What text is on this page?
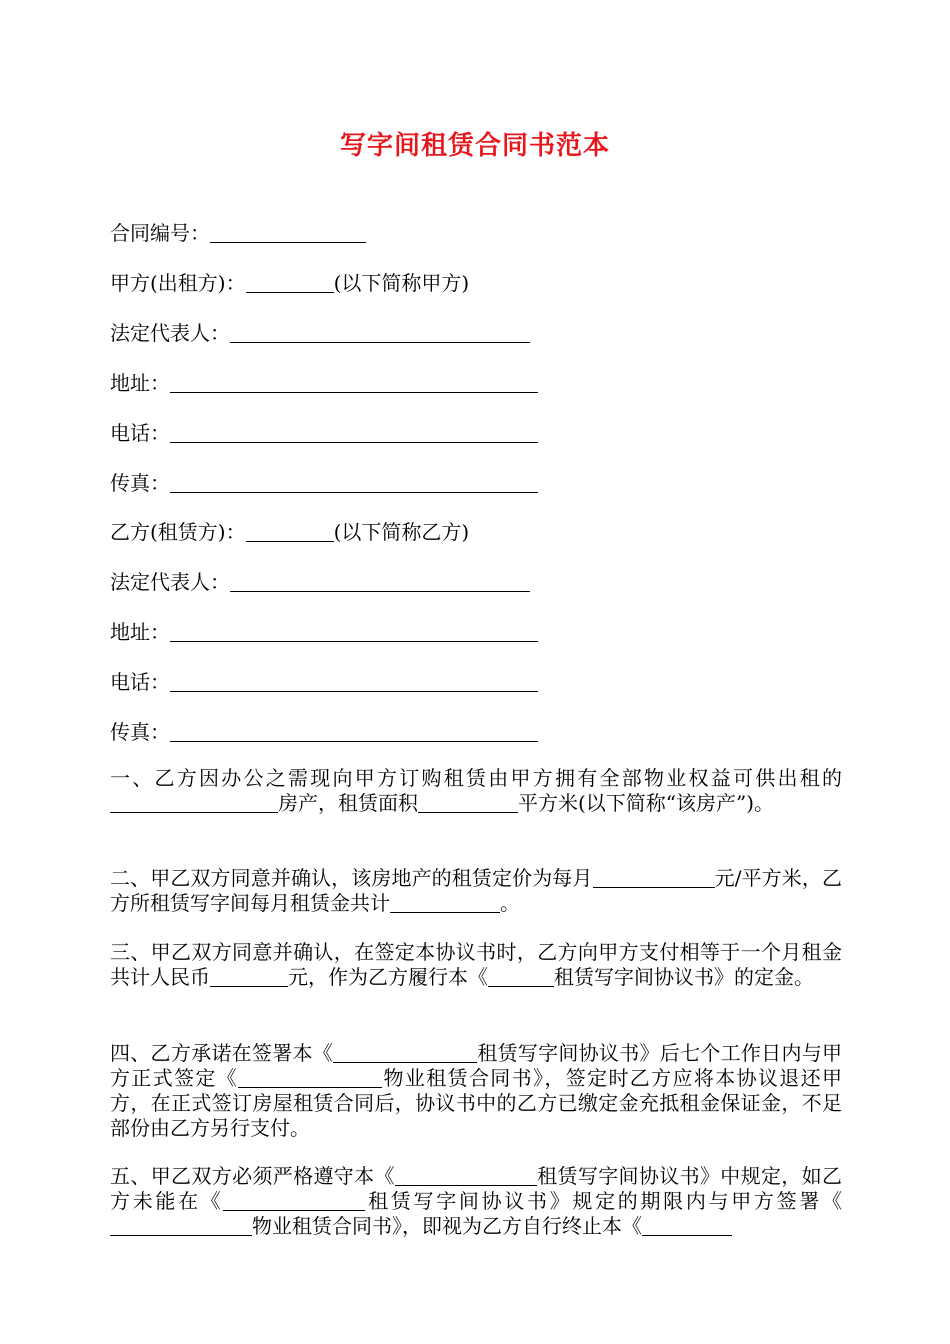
写字间租赁合同书范本
合同编号：
甲方(出租方)：	(以下简称甲方)
法定代表人：
地址：
电话：
传真：
乙方(租赁方)：	(以下简称乙方)
法定代表人：
地址：
电话：
传真：
一、乙方因办公之需现向甲方订购租赁由甲方拥有全部物业权益可供出租的房产，租赁面积	平方米(以下简称“该房产”)。
二、甲乙双方同意并确认，该房地产的租赁定价为每月	元/平方米，乙方所租赁写字间每月租赁金共计	。
三、甲乙双方同意并确认，在签定本协议书时，乙方向甲方支付相等于一个月租金共计人民币	元，作为乙方履行本《	租赁写字间协议书》的定金。
四、乙方承诺在签署本《	租赁写字间协议书》后七个工作日内与甲方正式签定《	物业租赁合同书》，签定时乙方应将本协议退还甲方，在正式签订房屋租赁合同后，协议书中的乙方已缴定金充抵租金保证金，不足部份由乙方另行支付。
五、甲乙双方必须严格遵守本《	租赁写字间协议书》中规定，如乙方未能在《	租赁写字间协议书》规定的期限内与甲方签署《物业租赁合同书》，即视为乙方自行终止本《
